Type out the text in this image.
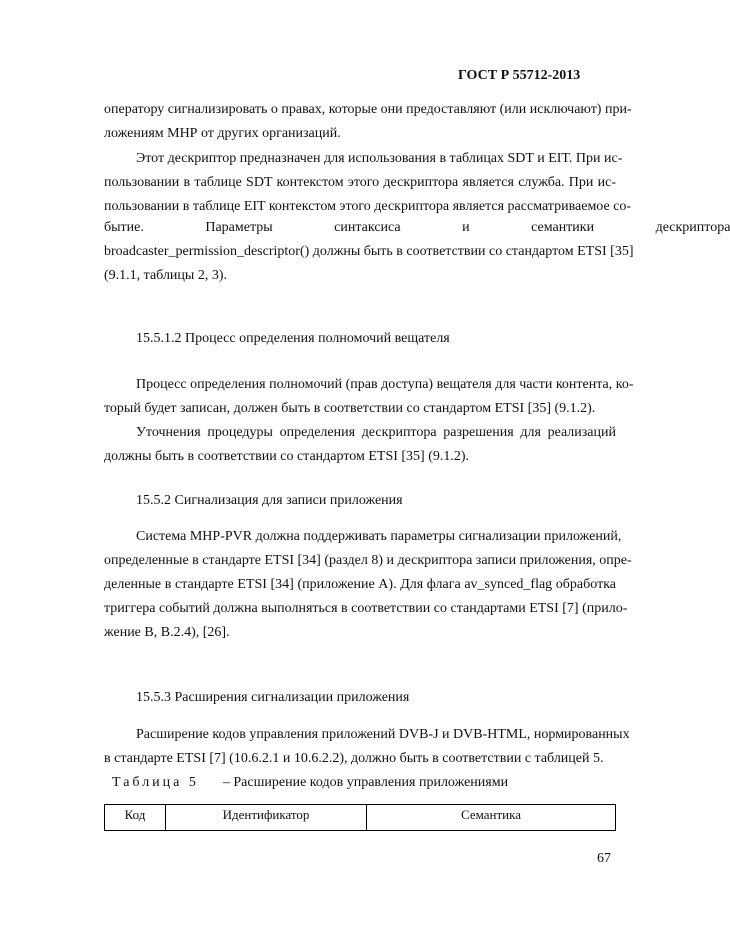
ГОСТ Р 55712-2013
оператору сигнализировать о правах, которые они предоставляют (или исключают) при-
ложениям МНР от других организаций.
Этот дескриптор предназначен для использования в таблицах SDT и EIT. При ис-
пользовании в таблице SDT контекстом этого дескриптора является служба. При ис-
пользовании в таблице EIT контекстом этого дескриптора является рассматриваемое со-
бытие. Параметры синтаксиса и семантики дескриптора
broadcaster_permission_descriptor() должны быть в соответствии со стандартом ETSI [35]
(9.1.1, таблицы 2, 3).
15.5.1.2 Процесс определения полномочий вещателя
Процесс определения полномочий (прав доступа) вещателя для части контента, ко-
торый будет записан, должен быть в соответствии со стандартом ETSI [35] (9.1.2).
Уточнения процедуры определения дескриптора разрешения для реализаций
должны быть в соответствии со стандартом ETSI [35] (9.1.2).
15.5.2 Сигнализация для записи приложения
Система МНР-PVR должна поддерживать параметры сигнализации приложений,
определенные в стандарте ETSI [34] (раздел 8) и дескриптора записи приложения, опре-
деленные в стандарте ETSI [34] (приложение А). Для флага av_synced_flag обработка
триггера событий должна выполняться в соответствии со стандартами ETSI [7] (прило-
жение В, В.2.4), [26].
15.5.3 Расширения сигнализации приложения
Расширение кодов управления приложений DVB-J и DVB-HTML, нормированных
в стандарте ETSI [7] (10.6.2.1 и 10.6.2.2), должно быть в соответствии с таблицей 5.
Таблица 5 – Расширение кодов управления приложениями
Код	Идентификатор	Семантика
67
